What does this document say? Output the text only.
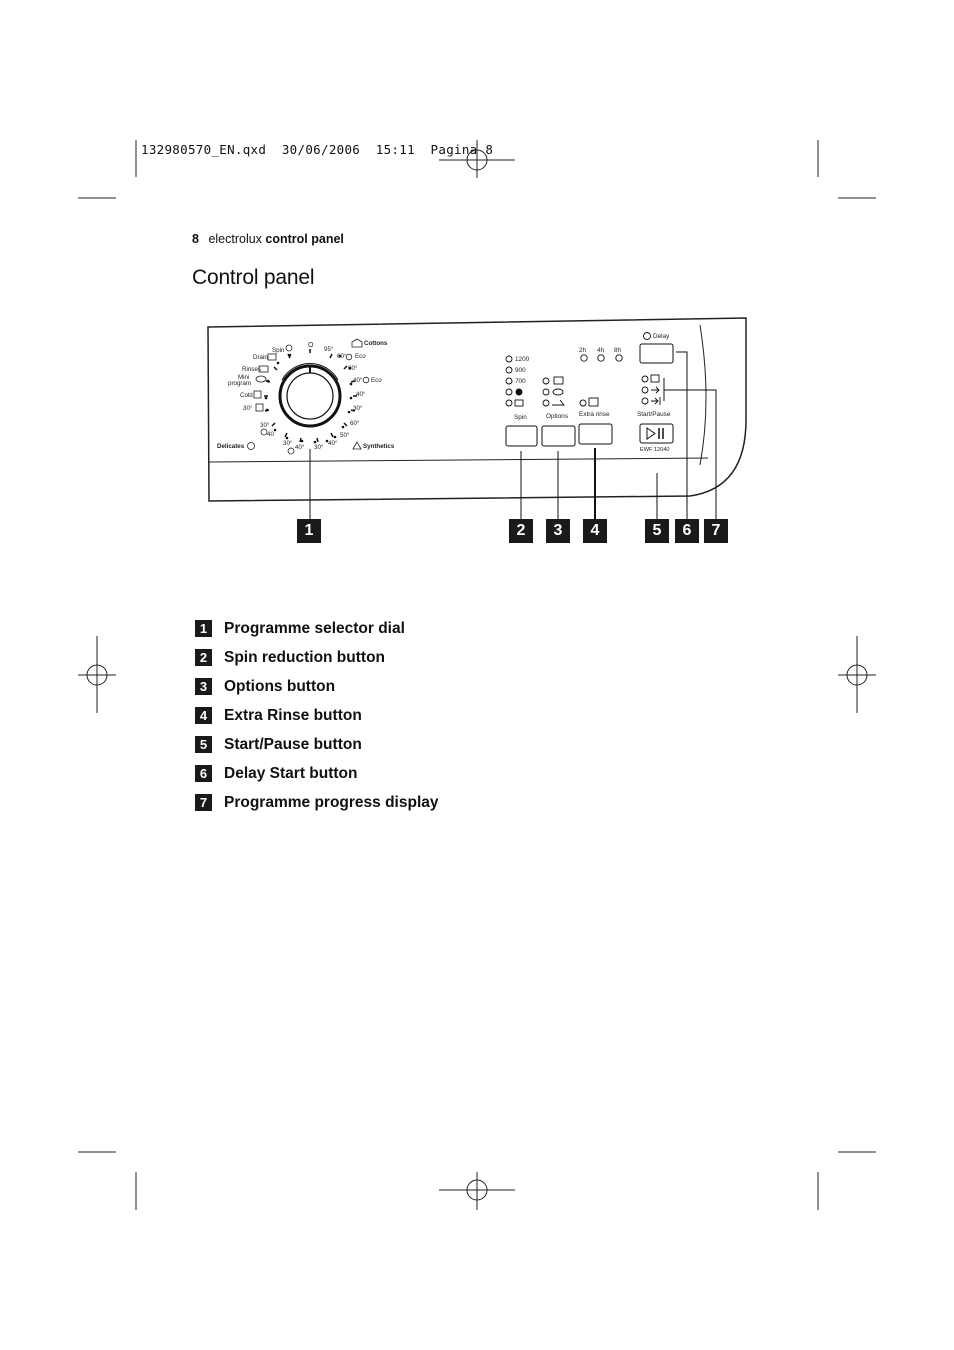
132980570_EN.qxd  30/06/2006  15:11  Pagina 8
8 electrolux control panel
Control panel
O
Spin
Drain
Rinses
Mini
program
Cold
30°
30°
40
Delicates	30°
40° 30°
40°
50°
Synthetics
60°
30°
40°
40° Eco
60°
60° Eco
95°
Cottons
1200
900
700
2h 4h 8h
Delay
Spin	Options Extra rinse	Start/Pause
EWF 12040
1	2	3	4	5	6	7
1	Programme selector dial
2	Spin reduction button
3	Options button
4	Extra Rinse button
5	Start/Pause button
6	Delay Start button
7	Programme progress display
